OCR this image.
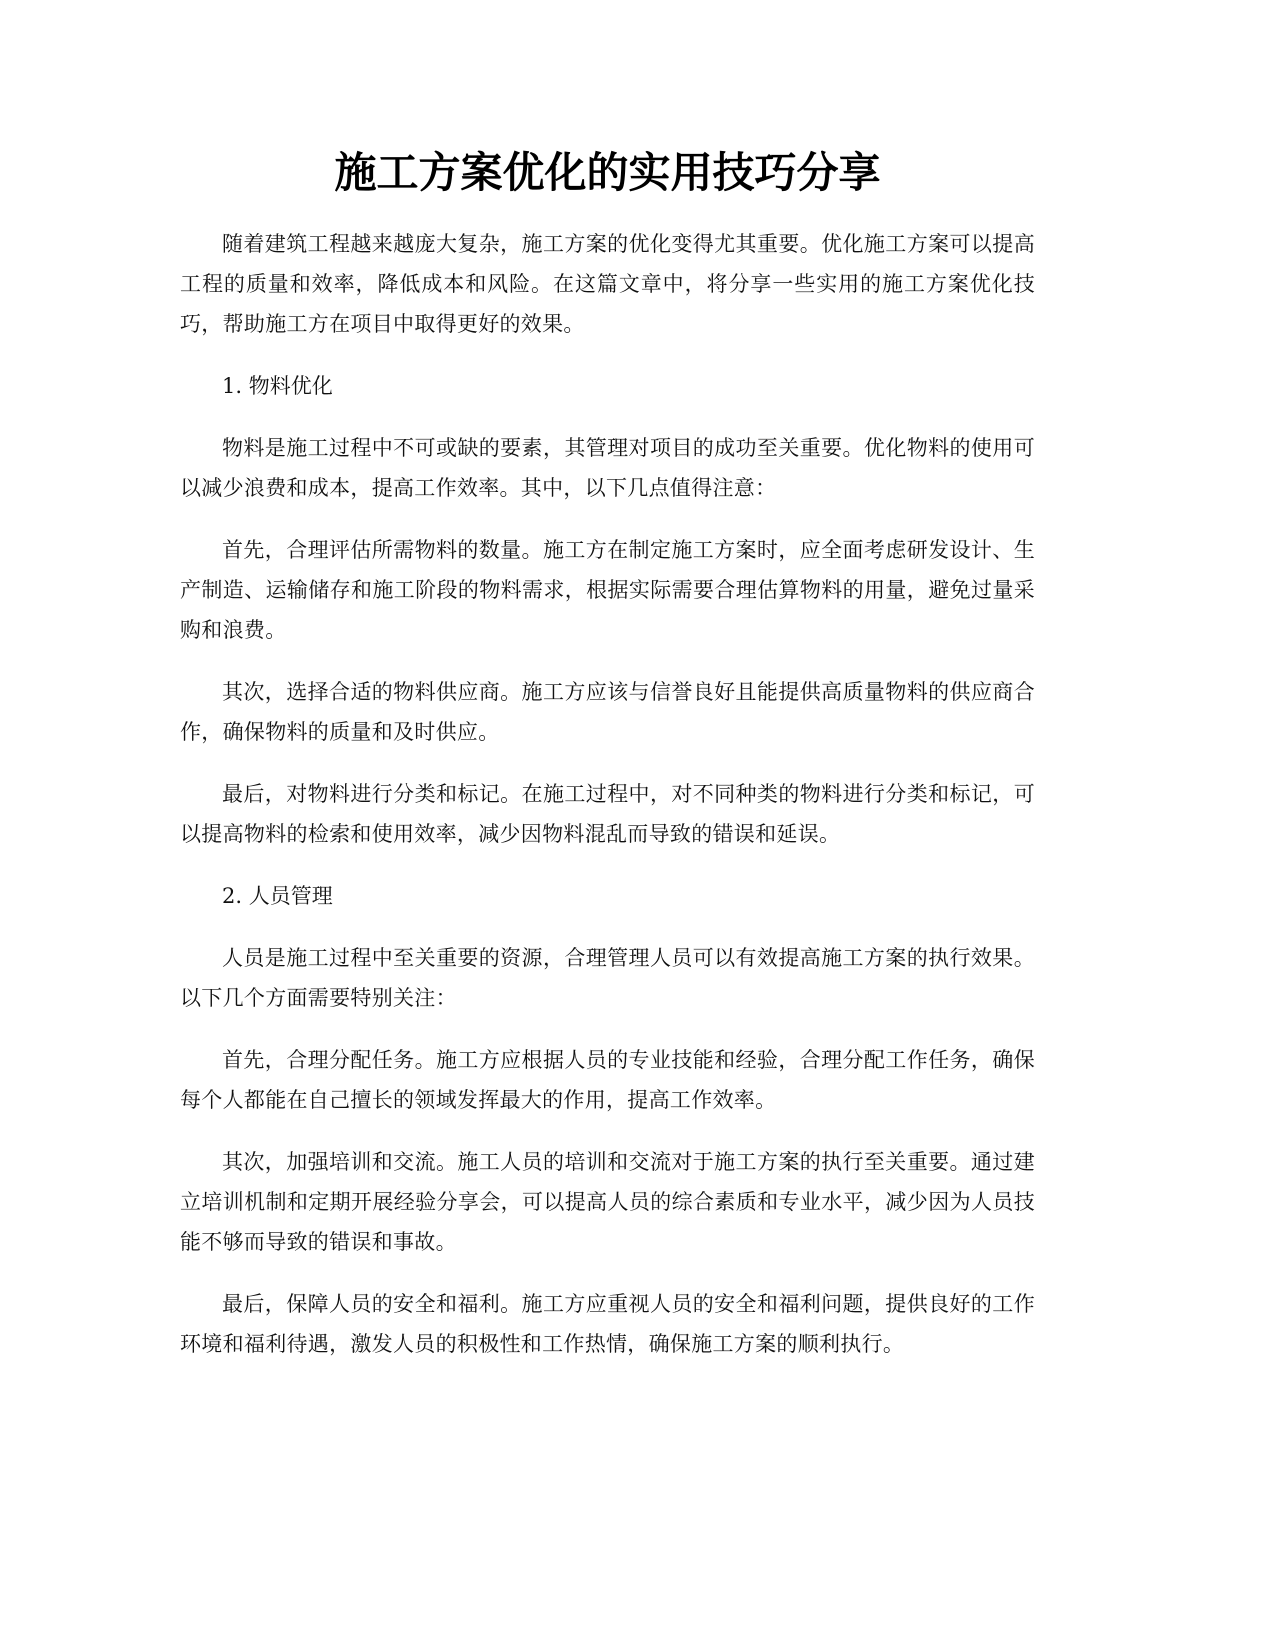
施工方案优化的实用技巧分享

随着建筑工程越来越庞大复杂，施工方案的优化变得尤其重要。优化施工方案可以提高工程的质量和效率，降低成本和风险。在这篇文章中，将分享一些实用的施工方案优化技巧，帮助施工方在项目中取得更好的效果。

1. 物料优化

物料是施工过程中不可或缺的要素，其管理对项目的成功至关重要。优化物料的使用可以减少浪费和成本，提高工作效率。其中，以下几点值得注意：

首先，合理评估所需物料的数量。施工方在制定施工方案时，应全面考虑研发设计、生产制造、运输储存和施工阶段的物料需求，根据实际需要合理估算物料的用量，避免过量采购和浪费。

其次，选择合适的物料供应商。施工方应该与信誉良好且能提供高质量物料的供应商合作，确保物料的质量和及时供应。

最后，对物料进行分类和标记。在施工过程中，对不同种类的物料进行分类和标记，可以提高物料的检索和使用效率，减少因物料混乱而导致的错误和延误。

2. 人员管理

人员是施工过程中至关重要的资源，合理管理人员可以有效提高施工方案的执行效果。以下几个方面需要特别关注：

首先，合理分配任务。施工方应根据人员的专业技能和经验，合理分配工作任务，确保每个人都能在自己擅长的领域发挥最大的作用，提高工作效率。

其次，加强培训和交流。施工人员的培训和交流对于施工方案的执行至关重要。通过建立培训机制和定期开展经验分享会，可以提高人员的综合素质和专业水平，减少因为人员技能不够而导致的错误和事故。

最后，保障人员的安全和福利。施工方应重视人员的安全和福利问题，提供良好的工作环境和福利待遇，激发人员的积极性和工作热情，确保施工方案的顺利执行。
